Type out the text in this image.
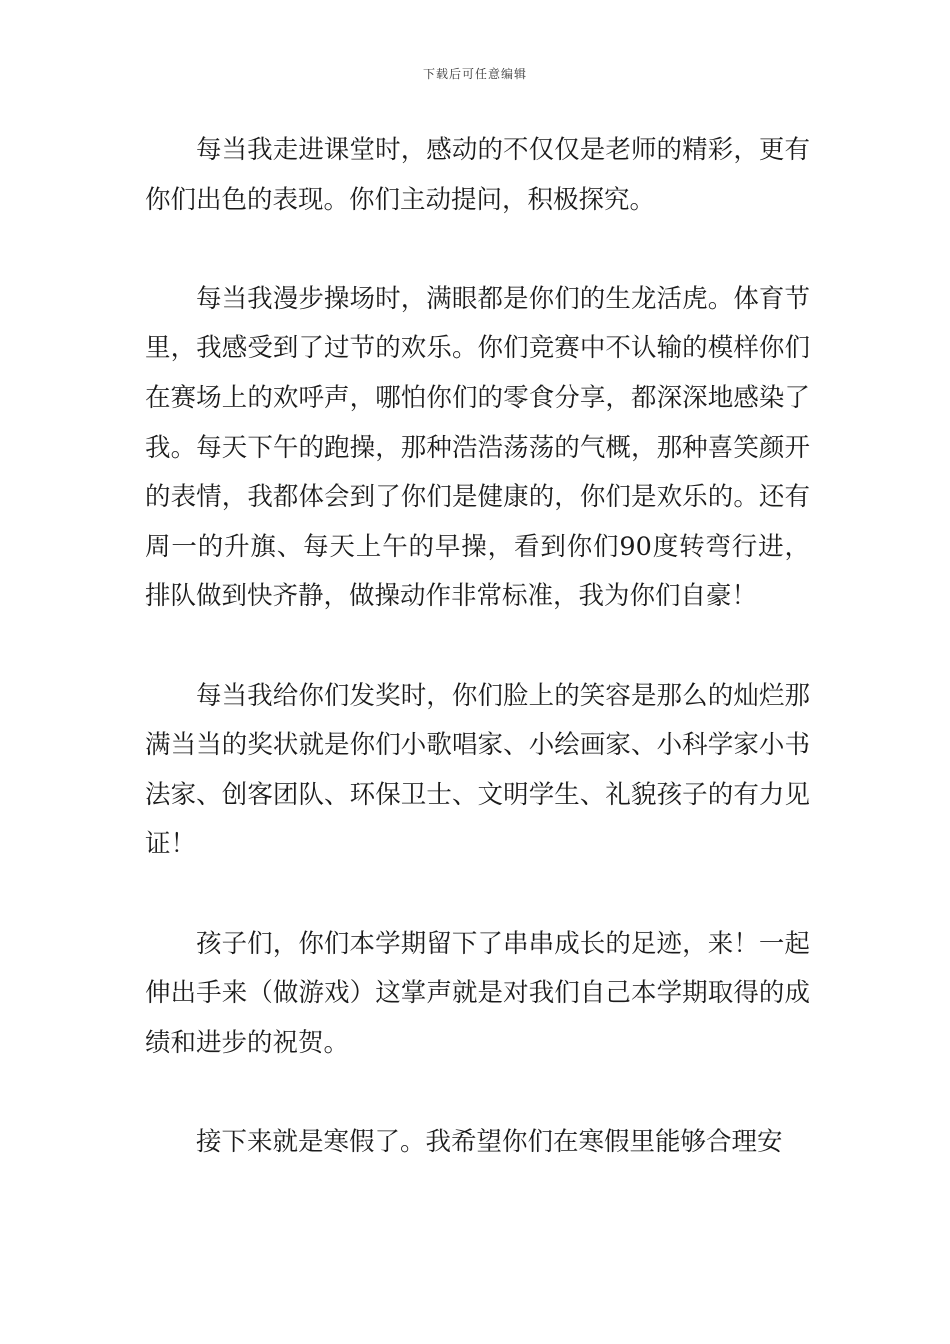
下载后可任意编辑

每当我走进课堂时，感动的不仅仅是老师的精彩，更有你们出色的表现。你们主动提问，积极探究。

每当我漫步操场时，满眼都是你们的生龙活虎。体育节里，我感受到了过节的欢乐。你们竞赛中不认输的模样你们在赛场上的欢呼声，哪怕你们的零食分享，都深深地感染了我。每天下午的跑操，那种浩浩荡荡的气概，那种喜笑颜开的表情，我都体会到了你们是健康的，你们是欢乐的。还有周一的升旗、每天上午的早操，看到你们90度转弯行进，排队做到快齐静，做操动作非常标准，我为你们自豪！

每当我给你们发奖时，你们脸上的笑容是那么的灿烂那满当当的奖状就是你们小歌唱家、小绘画家、小科学家小书法家、创客团队、环保卫士、文明学生、礼貌孩子的有力见证！

孩子们，你们本学期留下了串串成长的足迹，来！一起伸出手来（做游戏）这掌声就是对我们自己本学期取得的成绩和进步的祝贺。

接下来就是寒假了。我希望你们在寒假里能够合理安
